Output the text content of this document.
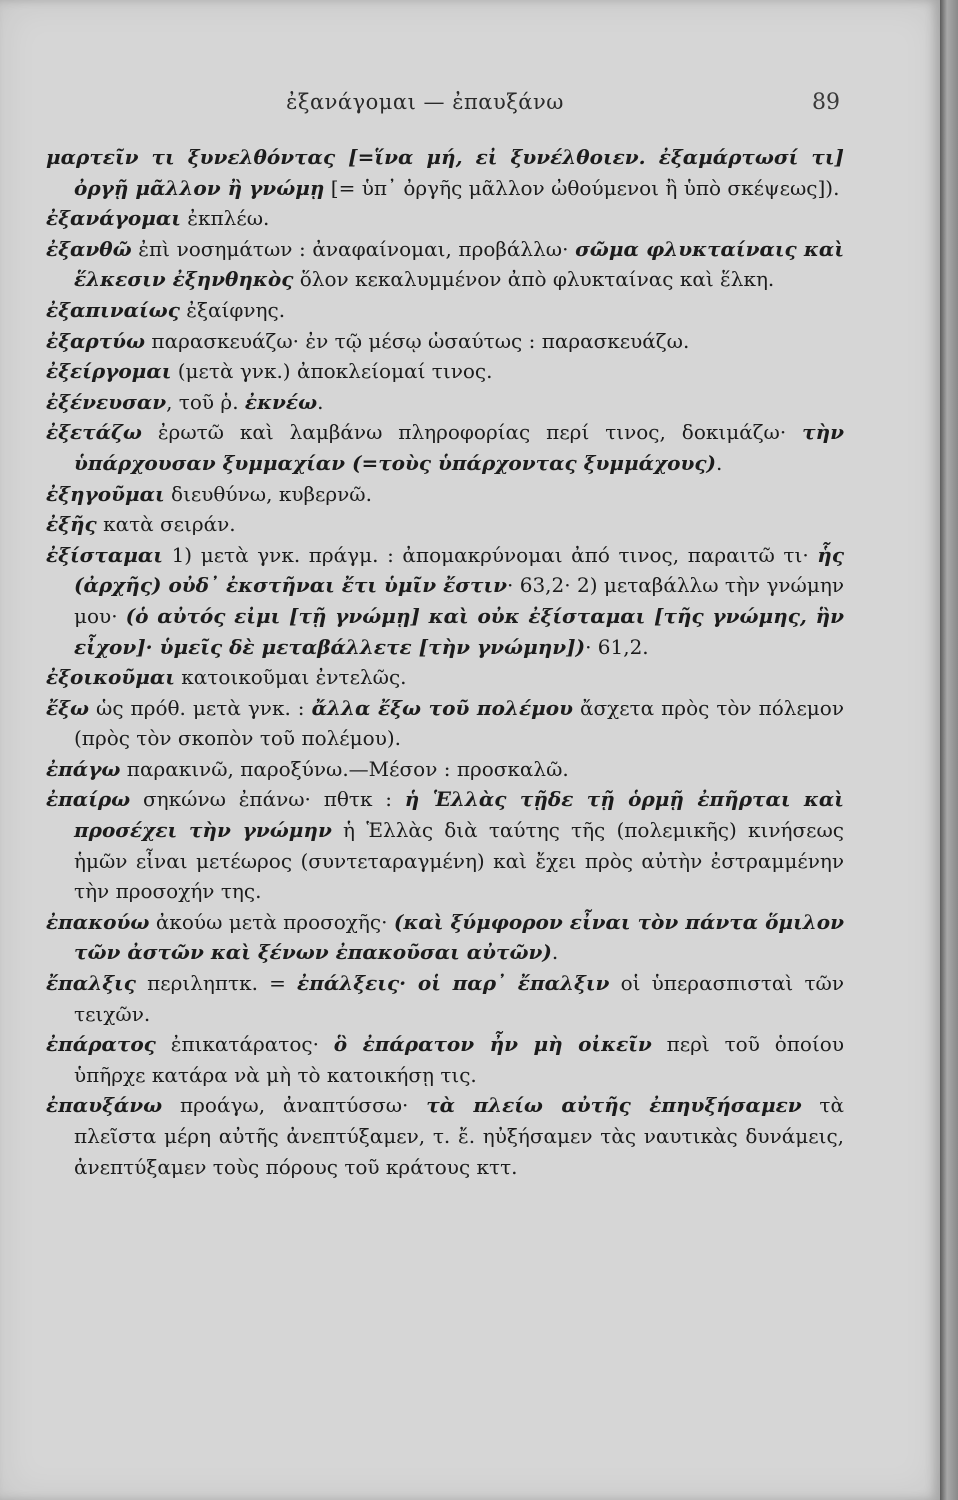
ἐξανάγομαι — ἐπαυξάνω	89

μαρτεῖν τι ξυνελθόντας [=ἵνα μή, εἰ ξυνέλθοιεν. ἐξαμάρτωσί τι] ὀργῇ μᾶλλον ἢ γνώμῃ [= ὑπ᾽ ὀργῆς μᾶλλον ὠθούμενοι ἢ ὑπὸ σκέψεως]).

ἐξανάγομαι ἐκπλέω.

ἐξανθῶ ἐπὶ νοσημάτων : ἀναφαίνομαι, προβάλλω· σῶμα φλυκταίναις καὶ ἕλκεσιν ἐξηνθηκὸς ὅλον κεκαλυμμένον ἀπὸ φλυκταίνας καὶ ἕλκη.

ἐξαπιναίως ἐξαίφνης.

ἐξαρτύω παρασκευάζω· ἐν τῷ μέσῳ ὡσαύτως : παρασκευάζω.

ἐξείργομαι (μετὰ γνκ.) ἀποκλείομαί τινος.

ἐξένευσαν, τοῦ ῥ. ἐκνέω.

ἐξετάζω ἐρωτῶ καὶ λαμβάνω πληροφορίας περί τινος, δοκιμάζω· τὴν ὑπάρχουσαν ξυμμαχίαν (=τοὺς ὑπάρχοντας ξυμμάχους).

ἐξηγοῦμαι διευθύνω, κυβερνῶ.

ἐξῆς κατὰ σειράν.

ἐξίσταμαι 1) μετὰ γνκ. πράγμ. : ἀπομακρύνομαι ἀπό τινος, παραιτῶ τι· ἧς (ἀρχῆς) οὐδ᾽ ἐκστῆναι ἔτι ὑμῖν ἔστιν· 63,2· 2) μεταβάλλω τὴν γνώμην μου· (ὁ αὐτός εἰμι [τῇ γνώμῃ] καὶ οὐκ ἐξίσταμαι [τῆς γνώμης, ἣν εἶχον]· ὑμεῖς δὲ μεταβάλλετε [τὴν γνώμην])· 61,2.

ἐξοικοῦμαι κατοικοῦμαι ἐντελῶς.

ἔξω ὡς πρόθ. μετὰ γνκ. : ἄλλα ἔξω τοῦ πολέμου ἄσχετα πρὸς τὸν πόλεμον (πρὸς τὸν σκοπὸν τοῦ πολέμου).

ἐπάγω παρακινῶ, παροξύνω.—Μέσον : προσκαλῶ.

ἐπαίρω σηκώνω ἐπάνω· πθτκ : ἡ Ἑλλὰς τῇδε τῇ ὁρμῇ ἐπῆρται καὶ προσέχει τὴν γνώμην ἡ Ἑλλὰς διὰ ταύτης τῆς (πολεμικῆς) κινήσεως ἡμῶν εἶναι μετέωρος (συντεταραγμένη) καὶ ἔχει πρὸς αὐτὴν ἐστραμμένην τὴν προσοχήν της.

ἐπακούω ἀκούω μετὰ προσοχῆς· (καὶ ξύμφορον εἶναι τὸν πάντα ὅμιλον τῶν ἀστῶν καὶ ξένων ἐπακοῦσαι αὐτῶν).

ἔπαλξις περιληπτκ. = ἐπάλξεις· οἱ παρ᾽ ἔπαλξιν οἱ ὑπερασπισταὶ τῶν τειχῶν.

ἐπάρατος ἐπικατάρατος· ὃ ἐπάρατον ἦν μὴ οἰκεῖν περὶ τοῦ ὁποίου ὑπῆρχε κατάρα νὰ μὴ τὸ κατοικήσῃ τις.

ἐπαυξάνω προάγω, ἀναπτύσσω· τὰ πλείω αὐτῆς ἐπηυξήσαμεν τὰ πλεῖστα μέρη αὐτῆς ἀνεπτύξαμεν, τ. ἔ. ηὐξήσαμεν τὰς ναυτικὰς δυνάμεις, ἀνεπτύξαμεν τοὺς πόρους τοῦ κράτους κττ.
